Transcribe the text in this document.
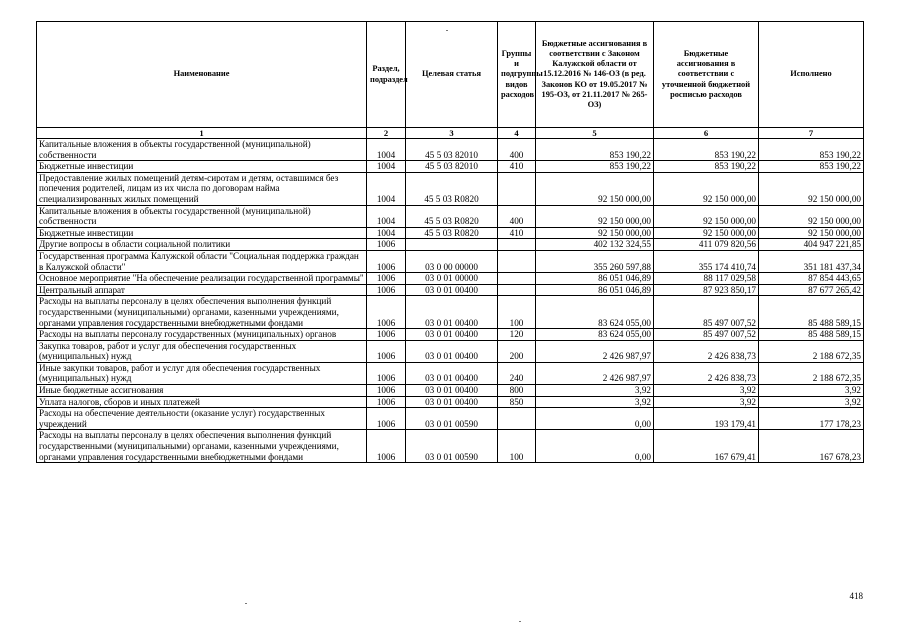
Наименование	Раздел, подраздел	Целевая статья	Группы и подгруппы видов расходов	Бюджетные ассигнования в соответствии с Законом Калужской области от 15.12.2016 № 146-ОЗ (в ред. Законов КО от 19.05.2017 № 195-ОЗ, от 21.11.2017 № 265-ОЗ)	Бюджетные ассигнования в соответствии с уточненной бюджетной росписью расходов	Исполнено
1	2	3	4	5	6	7
Капитальные вложения в объекты государственной (муниципальной) собственности	1004	45 5 03 82010	400	853 190,22	853 190,22	853 190,22
Бюджетные инвестиции	1004	45 5 03 82010	410	853 190,22	853 190,22	853 190,22
Предоставление жилых помещений детям-сиротам и детям, оставшимся без попечения родителей, лицам из их числа по договорам найма специализированных жилых помещений	1004	45 5 03 R0820		92 150 000,00	92 150 000,00	92 150 000,00
Капитальные вложения в объекты государственной (муниципальной) собственности	1004	45 5 03 R0820	400	92 150 000,00	92 150 000,00	92 150 000,00
Бюджетные инвестиции	1004	45 5 03 R0820	410	92 150 000,00	92 150 000,00	92 150 000,00
Другие вопросы в области социальной политики	1006			402 132 324,55	411 079 820,56	404 947 221,85
Государственная программа Калужской области "Социальная поддержка граждан в Калужской области"	1006	03 0 00 00000		355 260 597,88	355 174 410,74	351 181 437,34
Основное мероприятие "На обеспечение реализации государственной программы"	1006	03 0 01 00000		86 051 046,89	88 117 029,58	87 854 443,65
Центральный аппарат	1006	03 0 01 00400		86 051 046,89	87 923 850,17	87 677 265,42
Расходы на выплаты персоналу в целях обеспечения выполнения функций государственными (муниципальными) органами, казенными учреждениями, органами управления государственными внебюджетными фондами	1006	03 0 01 00400	100	83 624 055,00	85 497 007,52	85 488 589,15
Расходы на выплаты персоналу государственных (муниципальных) органов	1006	03 0 01 00400	120	83 624 055,00	85 497 007,52	85 488 589,15
Закупка товаров, работ и услуг для обеспечения государственных (муниципальных) нужд	1006	03 0 01 00400	200	2 426 987,97	2 426 838,73	2 188 672,35
Иные закупки товаров, работ и услуг для обеспечения государственных (муниципальных) нужд	1006	03 0 01 00400	240	2 426 987,97	2 426 838,73	2 188 672,35
Иные бюджетные ассигнования	1006	03 0 01 00400	800	3,92	3,92	3,92
Уплата налогов, сборов и иных платежей	1006	03 0 01 00400	850	3,92	3,92	3,92
Расходы на обеспечение деятельности (оказание услуг) государственных учреждений	1006	03 0 01 00590		0,00	193 179,41	177 178,23
Расходы на выплаты персоналу в целях обеспечения выполнения функций государственными (муниципальными) органами, казенными учреждениями, органами управления государственными внебюджетными фондами	1006	03 0 01 00590	100	0,00	167 679,41	167 678,23
418
